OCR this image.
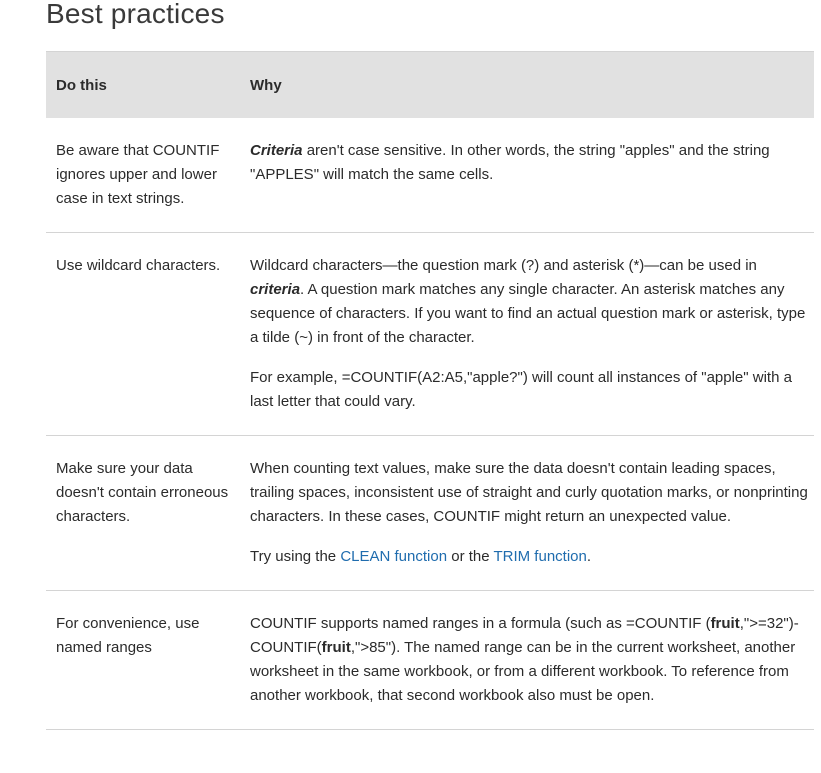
Best practices
Do this	Why
Be aware that COUNTIF ignores upper and lower case in text strings.	Criteria aren't case sensitive. In other words, the string "apples" and the string "APPLES" will match the same cells.

Use wildcard characters.	Wildcard characters—the question mark (?) and asterisk (*)—can be used in criteria. A question mark matches any single character. An asterisk matches any sequence of characters. If you want to find an actual question mark or asterisk, type a tilde (~) in front of the character.

For example, =COUNTIF(A2:A5,"apple?") will count all instances of "apple" with a last letter that could vary.

Make sure your data doesn't contain erroneous characters.	When counting text values, make sure the data doesn't contain leading spaces, trailing spaces, inconsistent use of straight and curly quotation marks, or nonprinting characters. In these cases, COUNTIF might return an unexpected value.

Try using the CLEAN function or the TRIM function.

For convenience, use named ranges	COUNTIF supports named ranges in a formula (such as =COUNTIF (fruit,">=32")-COUNTIF(fruit,">85"). The named range can be in the current worksheet, another worksheet in the same workbook, or from a different workbook. To reference from another workbook, that second workbook also must be open.
